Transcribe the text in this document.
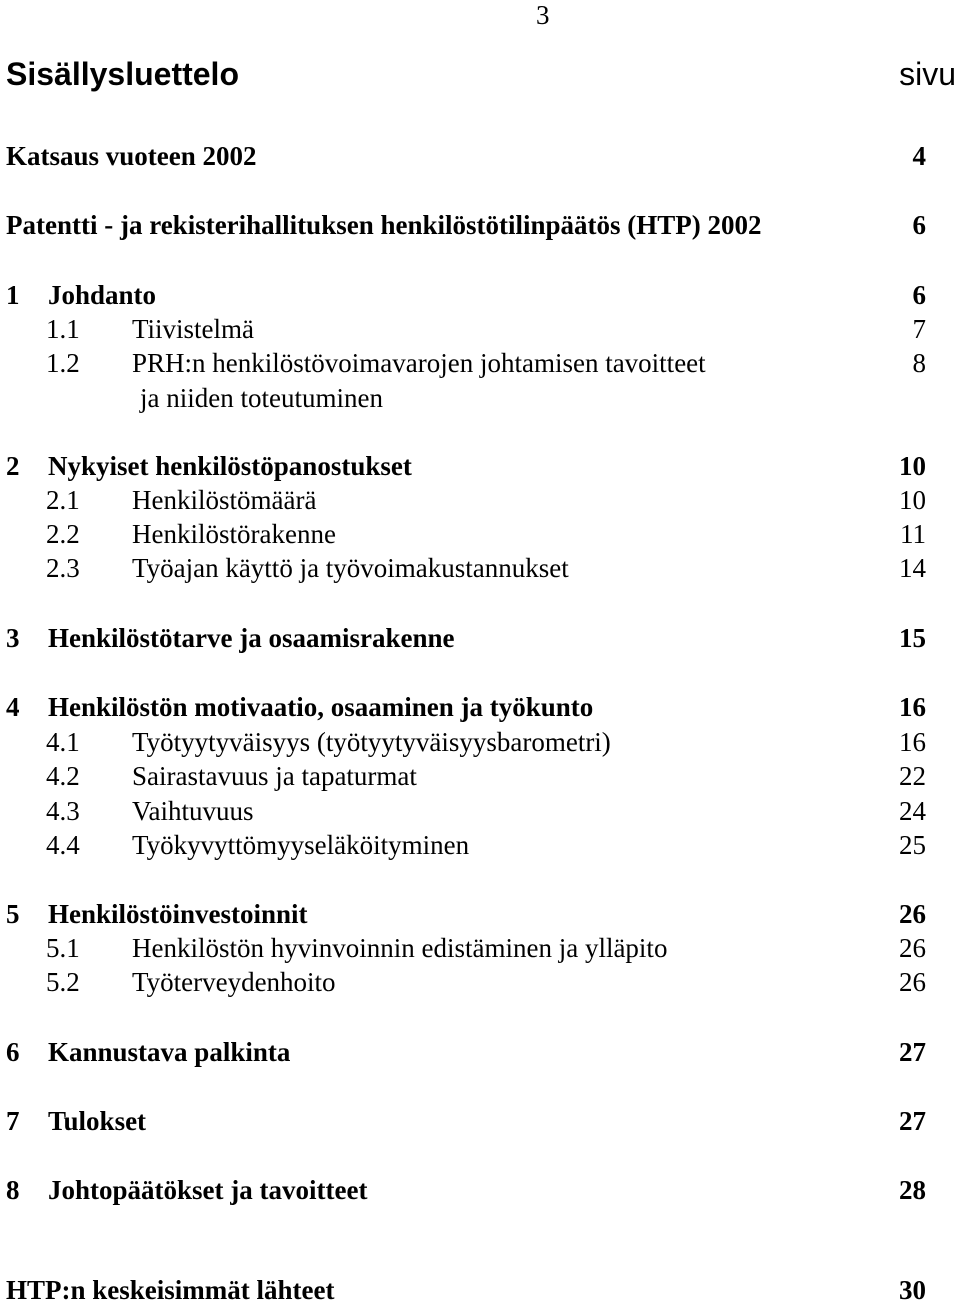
3
Sisällysluettelo	sivu
Katsaus vuoteen 2002	4
Patentti - ja rekisterihallituksen henkilöstötilinpäätös (HTP) 2002	6
1 Johdanto	6
1.1 Tiivistelmä	7
1.2 PRH:n henkilöstövoimavarojen johtamisen tavoitteet	8
ja niiden toteutuminen
2 Nykyiset henkilöstöpanostukset	10
2.1 Henkilöstömäärä	10
2.2 Henkilöstörakenne	11
2.3 Työajan käyttö ja työvoimakustannukset	14
3 Henkilöstötarve ja osaamisrakenne	15
4 Henkilöstön motivaatio, osaaminen ja työkunto	16
4.1 Työtyytyväisyys (työtyytyväisyysbarometri)	16
4.2 Sairastavuus ja tapaturmat	22
4.3 Vaihtuvuus	24
4.4 Työkyvyttömyyseläköityminen	25
5 Henkilöstöinvestoinnit	26
5.1 Henkilöstön hyvinvoinnin edistäminen ja ylläpito	26
5.2 Työterveydenhoito	26
6 Kannustava palkinta	27
7 Tulokset	27
8 Johtopäätökset ja tavoitteet	28
HTP:n keskeisimmät lähteet	30
